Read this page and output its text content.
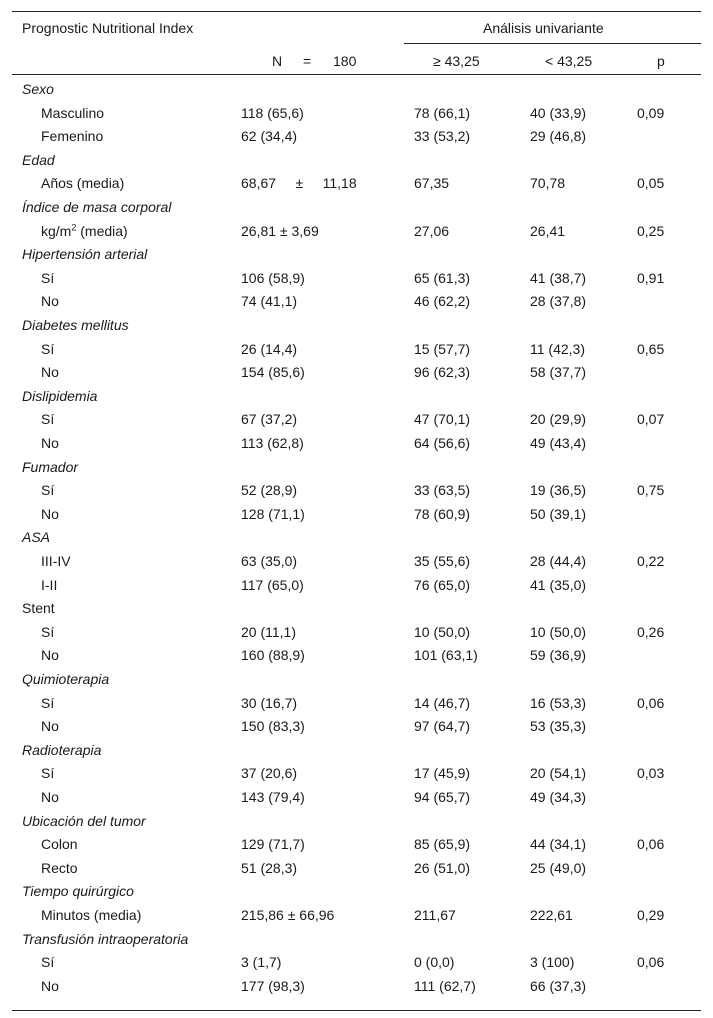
Prognostic Nutritional Index	Análisis univariante
N = 180	≥ 43,25	< 43,25	p
Sexo
Masculino	118 (65,6)	78 (66,1)	40 (33,9)	0,09
Femenino	62 (34,4)	33 (53,2)	29 (46,8)
Edad
Años (media)	68,67     ±     11,18	67,35	70,78	0,05
Índice de masa corporal
$kg/m^2$ (media)	26,81 ± 3,69	27,06	26,41	0,25
Hipertensión arterial
Sí	106 (58,9)	65 (61,3)	41 (38,7)	0,91
No	74 (41,1)	46 (62,2)	28 (37,8)
Diabetes mellitus
Sí	26 (14,4)	15 (57,7)	11 (42,3)	0,65
No	154 (85,6)	96 (62,3)	58 (37,7)
Dislipidemia
Sí	67 (37,2)	47 (70,1)	20 (29,9)	0,07
No	113 (62,8)	64 (56,6)	49 (43,4)
Fumador
Sí	52 (28,9)	33 (63,5)	19 (36,5)	0,75
No	128 (71,1)	78 (60,9)	50 (39,1)
ASA
III-IV	63 (35,0)	35 (55,6)	28 (44,4)	0,22
I-II	117 (65,0)	76 (65,0)	41 (35,0)
Stent
Sí	20 (11,1)	10 (50,0)	10 (50,0)	0,26
No	160 (88,9)	101 (63,1)	59 (36,9)
Quimioterapia
Sí	30 (16,7)	14 (46,7)	16 (53,3)	0,06
No	150 (83,3)	97 (64,7)	53 (35,3)
Radioterapia
Sí	37 (20,6)	17 (45,9)	20 (54,1)	0,03
No	143 (79,4)	94 (65,7)	49 (34,3)
Ubicación del tumor
Colon	129 (71,7)	85 (65,9)	44 (34,1)	0,06
Recto	51 (28,3)	26 (51,0)	25 (49,0)
Tiempo quirúrgico
Minutos (media)	215,86 ± 66,96	211,67	222,61	0,29
Transfusión intraoperatoria
Sí	3 (1,7)	0 (0,0)	3 (100)	0,06
No	177 (98,3)	111 (62,7)	66 (37,3)
